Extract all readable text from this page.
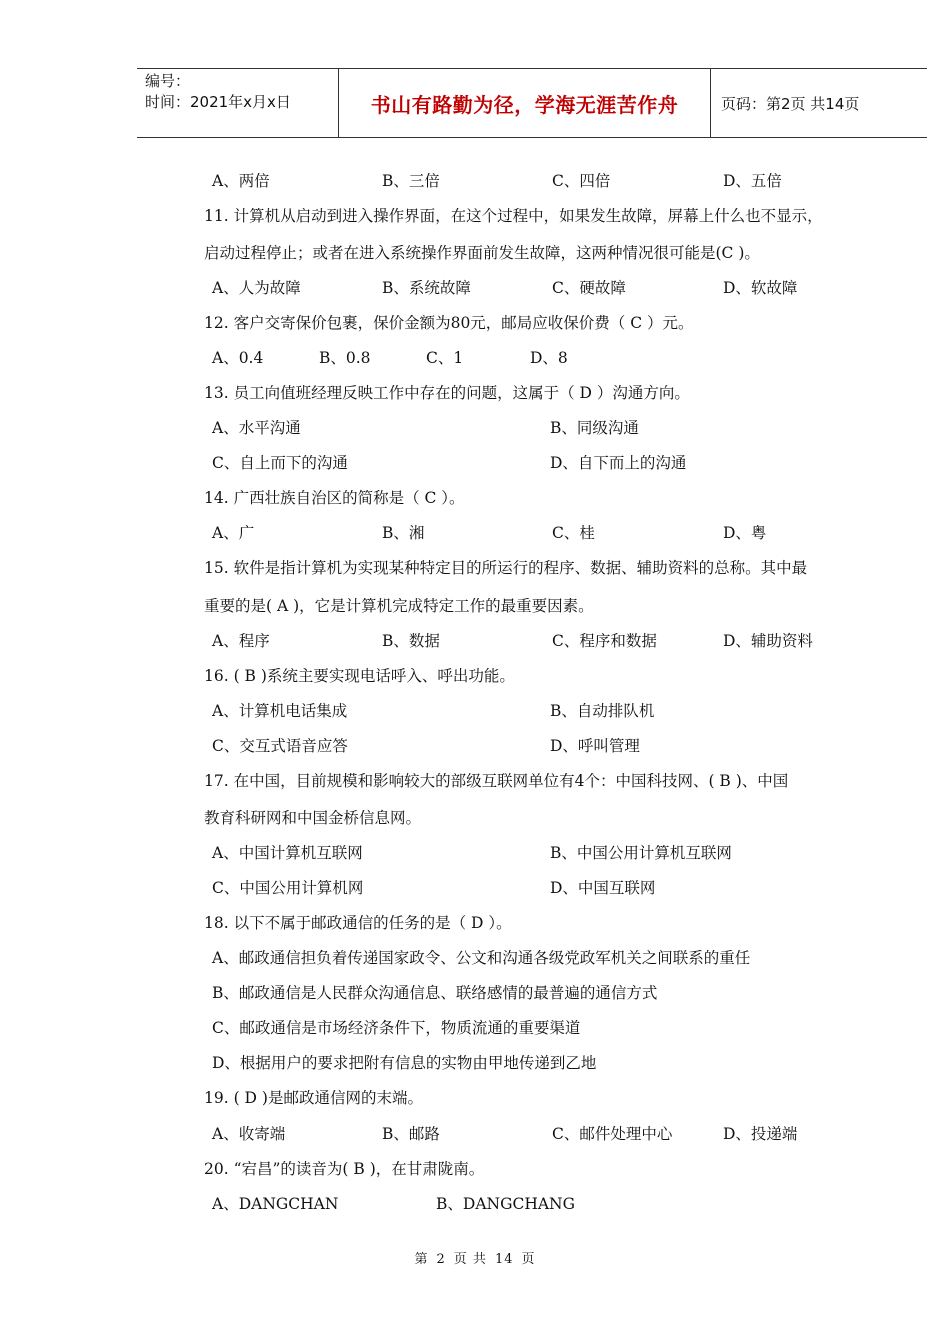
编号：
时间：2021年x月x日	书山有路勤为径，学海无涯苦作舟	页码：第2页 共14页
A、两倍	B、三倍	C、四倍	D、五倍
11. 计算机从启动到进入操作界面，在这个过程中，如果发生故障，屏幕上什么也不显示，
启动过程停止；或者在进入系统操作界面前发生故障，这两种情况很可能是(C )。
A、人为故障	B、系统故障	C、硬故障	D、软故障
12. 客户交寄保价包裹，保价金额为80元，邮局应收保价费（ C ）元。
A、0.4	B、0.8	C、1	D、8
13. 员工向值班经理反映工作中存在的问题，这属于（ D ）沟通方向。
A、水平沟通	B、同级沟通
C、自上而下的沟通	D、自下而上的沟通
14. 广西壮族自治区的简称是（ C ）。
A、广	B、湘	C、桂	D、粤
15. 软件是指计算机为实现某种特定目的所运行的程序、数据、辅助资料的总称。其中最
重要的是( A )，它是计算机完成特定工作的最重要因素。
A、程序	B、数据	C、程序和数据	D、辅助资料
16. ( B )系统主要实现电话呼入、呼出功能。
A、计算机电话集成	B、自动排队机
C、交互式语音应答	D、呼叫管理
17. 在中国，目前规模和影响较大的部级互联网单位有4个：中国科技网、( B )、中国
教育科研网和中国金桥信息网。
A、中国计算机互联网	B、中国公用计算机互联网
C、中国公用计算机网	D、中国互联网
18. 以下不属于邮政通信的任务的是（ D ）。
A、邮政通信担负着传递国家政令、公文和沟通各级党政军机关之间联系的重任
B、邮政通信是人民群众沟通信息、联络感情的最普遍的通信方式
C、邮政通信是市场经济条件下，物质流通的重要渠道
D、根据用户的要求把附有信息的实物由甲地传递到乙地
19. ( D )是邮政通信网的末端。
A、收寄端	B、邮路	C、邮件处理中心	D、投递端
20. “宕昌”的读音为( B )，在甘肃陇南。
A、DANGCHAN	B、DANGCHANG
第 2 页 共 14 页
